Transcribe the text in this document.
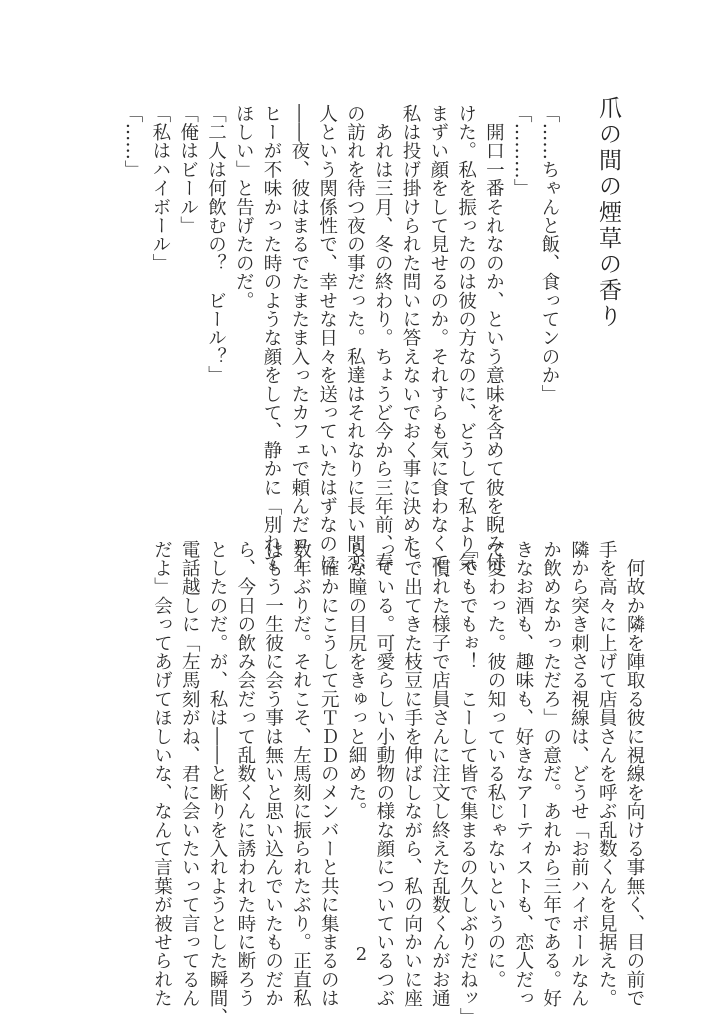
爪の間の煙草の香り
「……ちゃんと飯、食ってンのか」
「………」
　開口一番それなのか、という意味を含めて彼を睨み付
けた。私を振ったのは彼の方なのに、どうして私より気
まずい顔をして見せるのか。それすらも気に食わなくて、
私は投げ掛けられた問いに答えないでおく事に決めた。
　あれは三月、冬の終わり。ちょうど今から三年前、春
の訪れを待つ夜の事だった。私達はそれなりに長い間恋
人という関係性で、幸せな日々を送っていたはずなのに
――夜、彼はまるでたまたま入ったカフェで頼んだコー
ヒーが不味かった時のような顔をして、静かに「別れて
ほしい」と告げたのだ。
「二人は何飲むの？　ビール？」
「俺はビール」
「私はハイボール」
「……」
　何故か隣を陣取る彼に視線を向ける事無く、目の前で
手を高々に上げて店員さんを呼ぶ乱数くんを見据えた。
隣から突き刺さる視線は、どうせ「お前ハイボールなん
か飲めなかっただろ」の意だ。あれから三年である。好
きなお酒も、趣味も、好きなアーティストも、恋人だっ
て変わった。彼の知っている私じゃないというのに。
「でもでもぉ！　こーして皆で集まるの久しぶりだねッ」
　慣れた様子で店員さんに注文し終えた乱数くんがお通
しで出てきた枝豆に手を伸ばしながら、私の向かいに座
っている。可愛らしい小動物の様な顔についているつぶ
らな瞳の目尻をきゅっと細めた。
　確かにこうして元ＴＤＤのメンバーと共に集まるのは
数年ぶりだ。それこそ、左馬刻に振られたぶり。正直私
はもう一生彼に会う事は無いと思い込んでいたものだか
ら、今日の飲み会だって乱数くんに誘われた時に断ろう
としたのだ。が、私は――と断りを入れようとした瞬間、
電話越しに「左馬刻がね、君に会いたいって言ってるん
だよ」会ってあげてほしいな、なんて言葉が被せられた	2
